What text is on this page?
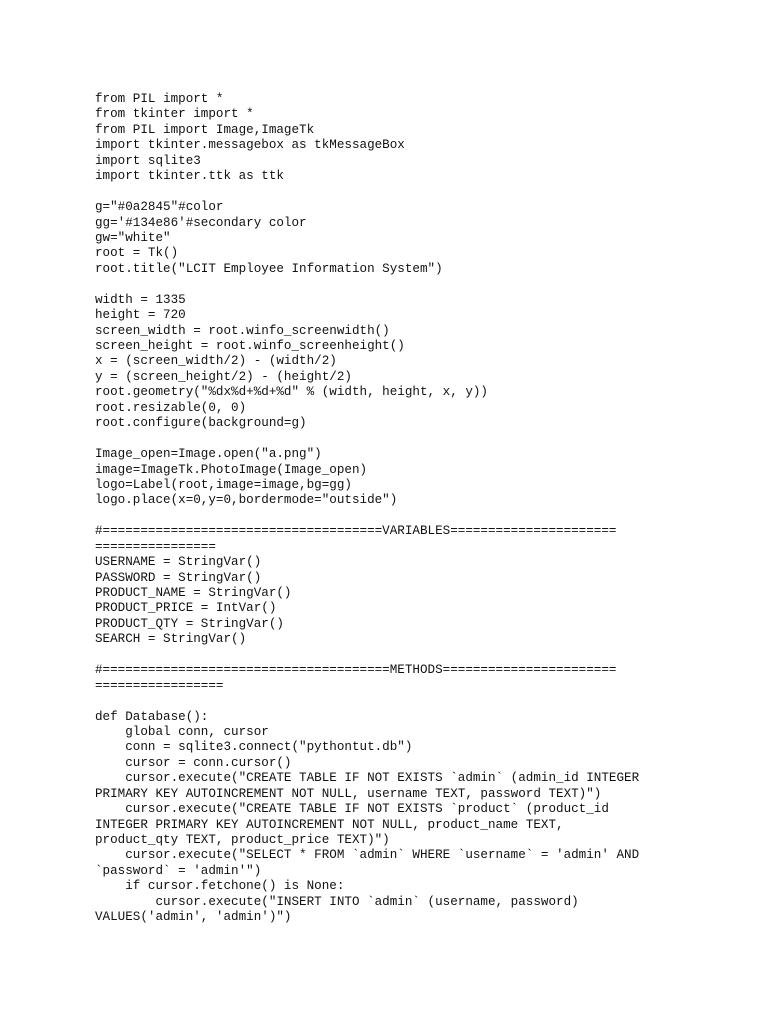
from PIL import *
from tkinter import *
from PIL import Image,ImageTk
import tkinter.messagebox as tkMessageBox
import sqlite3
import tkinter.ttk as ttk
g="#0a2845"#color
gg='#134e86'#secondary color
gw="white"
root = Tk()
root.title("LCIT Employee Information System")
width = 1335
height = 720
screen_width = root.winfo_screenwidth()
screen_height = root.winfo_screenheight()
x = (screen_width/2) - (width/2)
y = (screen_height/2) - (height/2)
root.geometry("%dx%d+%d+%d" % (width, height, x, y))
root.resizable(0, 0)
root.configure(background=g)
Image_open=Image.open("a.png")
image=ImageTk.PhotoImage(Image_open)
logo=Label(root,image=image,bg=gg)
logo.place(x=0,y=0,bordermode="outside")
#=====================================VARIABLES======================
================
USERNAME = StringVar()
PASSWORD = StringVar()
PRODUCT_NAME = StringVar()
PRODUCT_PRICE = IntVar()
PRODUCT_QTY = StringVar()
SEARCH = StringVar()
#======================================METHODS=======================
=================
def Database():
global conn, cursor
conn = sqlite3.connect("pythontut.db")
cursor = conn.cursor()
cursor.execute("CREATE TABLE IF NOT EXISTS `admin` (admin_id INTEGER
PRIMARY KEY AUTOINCREMENT NOT NULL, username TEXT, password TEXT)")
cursor.execute("CREATE TABLE IF NOT EXISTS `product` (product_id
INTEGER PRIMARY KEY AUTOINCREMENT NOT NULL, product_name TEXT,
product_qty TEXT, product_price TEXT)")
cursor.execute("SELECT * FROM `admin` WHERE `username` = 'admin' AND
`password` = 'admin'")
if cursor.fetchone() is None:
cursor.execute("INSERT INTO `admin` (username, password)
VALUES('admin', 'admin')")
